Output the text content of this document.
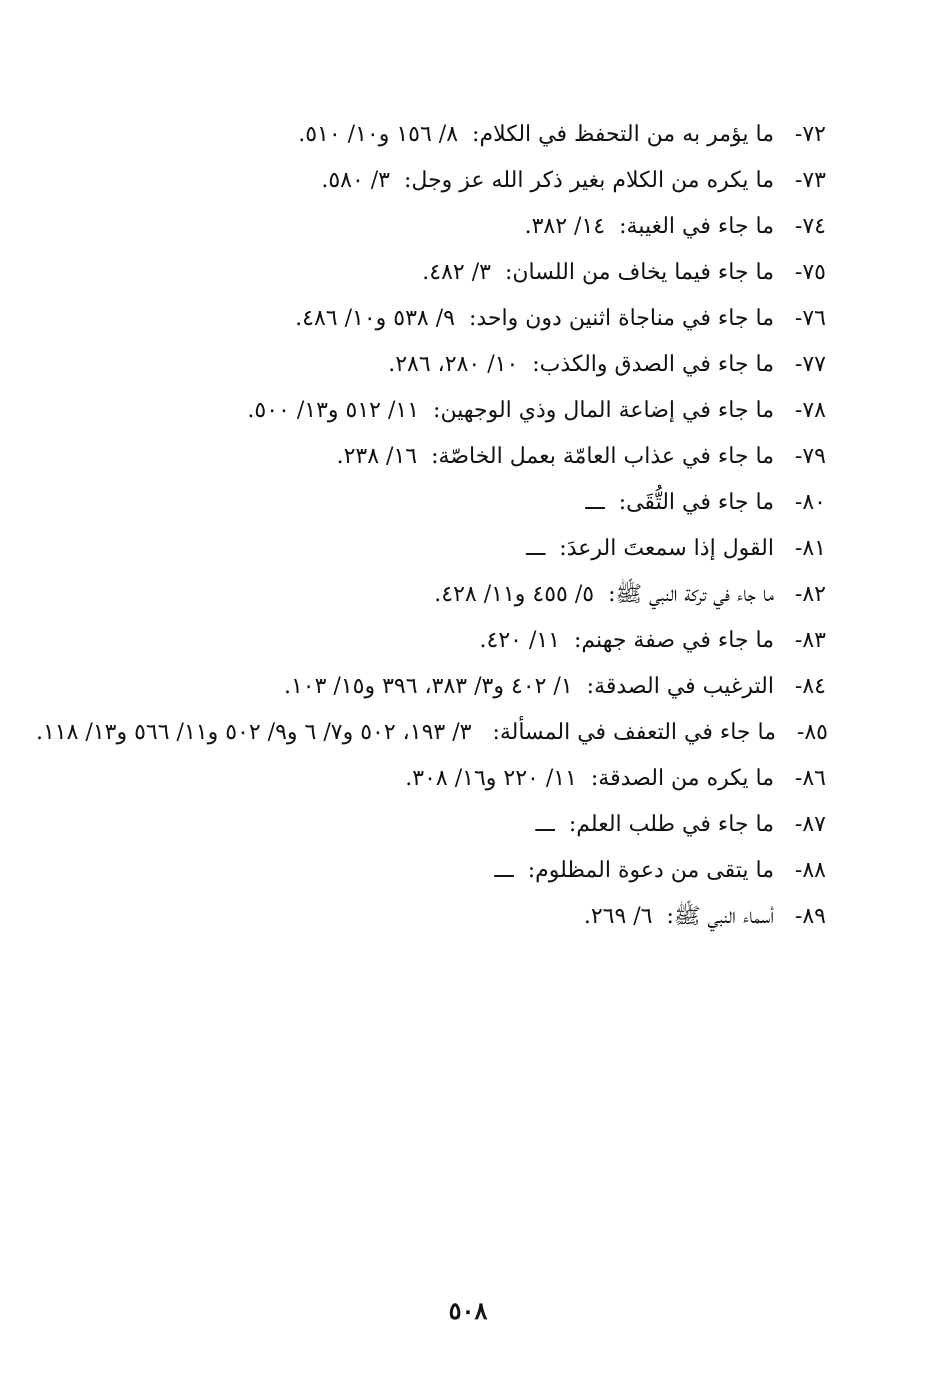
٧٢-
ما يؤمر به من التحفظ في الكلام:
٨/ ١٥٦ و١٠/ ٥١٠.
٧٣-
ما يكره من الكلام بغير ذكر الله عز وجل:
٣/ ٥٨٠.
٧٤-
ما جاء في الغيبة:
١٤/ ٣٨٢.
٧٥-
ما جاء فيما يخاف من اللسان:
٣/ ٤٨٢.
٧٦-
ما جاء في مناجاة اثنين دون واحد:
٩/ ٥٣٨ و١٠/ ٤٨٦.
٧٧-
ما جاء في الصدق والكذب:
١٠/ ٢٨٠، ٢٨٦.
٧٨-
ما جاء في إضاعة المال وذي الوجهين:
١١/ ٥١٢ و١٣/ ٥٠٠.
٧٩-
ما جاء في عذاب العامّة بعمل الخاصّة:
١٦/ ٢٣٨.
٨٠-
ما جاء في التُّقَى:
ـــ
٨١-
القول إذا سمعتَ الرعدَ:
ـــ
٨٢-
ما جاء في تركة النبي ﷺ:
٥/ ٤٥٥ و١١/ ٤٢٨.
٨٣-
ما جاء في صفة جهنم:
١١/ ٤٢٠.
٨٤-
الترغيب في الصدقة:
١/ ٤٠٢ و٣/ ٣٨٣، ٣٩٦ و١٥/ ١٠٣.
٨٥-
ما جاء في التعفف في المسألة: ٣/ ١٩٣، ٥٠٢ و٧/ ٦ و٩/ ٥٠٢ و١١/ ٥٦٦ و١٣/ ١١٨.
٨٦-
ما يكره من الصدقة:
١١/ ٢٢٠ و١٦/ ٣٠٨.
٨٧-
ما جاء في طلب العلم:
ـــ
٨٨-
ما يتقى من دعوة المظلوم:
ـــ
٨٩-
أسماء النبي ﷺ:
٦/ ٢٦٩.
٥٠٨
